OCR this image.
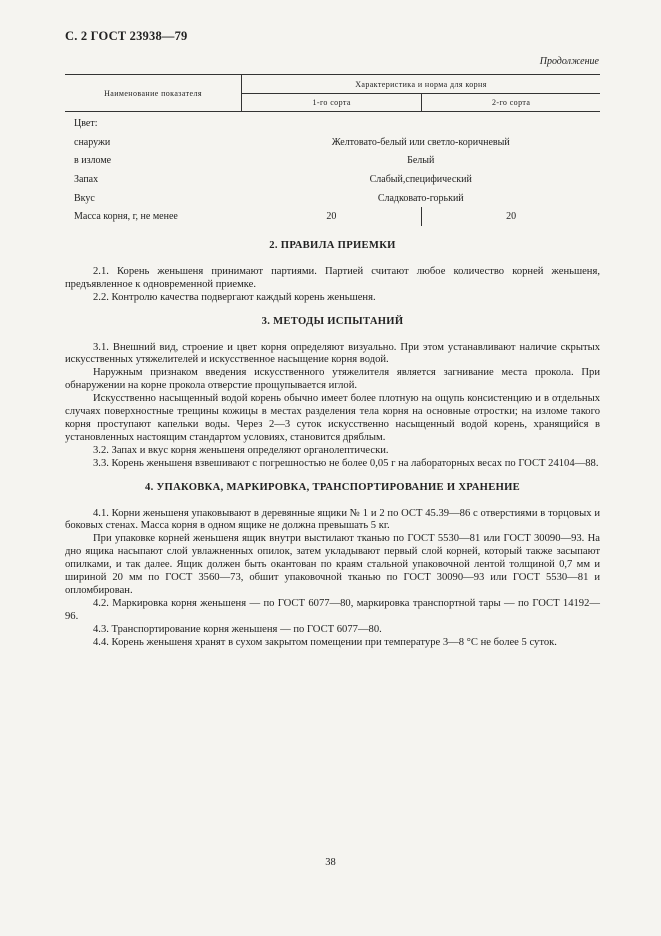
С. 2 ГОСТ 23938—79
Продолжение
Наименование показателя	Характеристика и норма для корня	
	1-го сорта	2-го сорта
Цвет:		
снаружи	Желтовато-белый или светло-коричневый	
в изломе	Белый	
Запах	Слабый,специфический	
Вкус	Сладковато-горький	
Масса корня, г, не менее	20	20
2. ПРАВИЛА ПРИЕМКИ

2.1. Корень женьшеня принимают партиями. Партией считают любое количество корней женьшеня, предъявленное к одновременной приемке.

2.2. Контролю качества подвергают каждый корень женьшеня.

3. МЕТОДЫ ИСПЫТАНИЙ

3.1. Внешний вид, строение и цвет корня определяют визуально. При этом устанавливают наличие скрытых искусственных утяжелителей и искусственное насыщение корня водой.

Наружным признаком введения искусственного утяжелителя является загнивание места прокола. При обнаружении на корне прокола отверстие прощупывается иглой.

Искусственно насыщенный водой корень обычно имеет более плотную на ощупь консистенцию и в отдельных случаях поверхностные трещины кожицы в местах разделения тела корня на основные отростки; на изломе такого корня проступают капельки воды. Через 2—3 суток искусственно насыщенный водой корень, хранящийся в установленных настоящим стандартом условиях, становится дряблым.

3.2. Запах и вкус корня женьшеня определяют органолептически.

3.3. Корень женьшеня взвешивают с погрешностью не более 0,05 г на лабораторных весах по ГОСТ 24104—88.

4. УПАКОВКА, МАРКИРОВКА, ТРАНСПОРТИРОВАНИЕ И ХРАНЕНИЕ

4.1. Корни женьшеня упаковывают в деревянные ящики № 1 и 2 по ОСТ 45.39—86 с отверстиями в торцовых и боковых стенах. Масса корня в одном ящике не должна превышать 5 кг.

При упаковке корней женьшеня ящик внутри выстилают тканью по ГОСТ 5530—81 или ГОСТ 30090—93. На дно ящика насыпают слой увлажненных опилок, затем укладывают первый слой корней, который также засыпают опилками, и так далее. Ящик должен быть окантован по краям стальной упаковочной лентой толщиной 0,7 мм и шириной 20 мм по ГОСТ 3560—73, обшит упаковочной тканью по ГОСТ 30090—93 или ГОСТ 5530—81 и опломбирован.

4.2. Маркировка корня женьшеня — по ГОСТ 6077—80, маркировка транспортной тары — по ГОСТ 14192—96.

4.3. Транспортирование корня женьшеня — по ГОСТ 6077—80.

4.4. Корень женьшеня хранят в сухом закрытом помещении при температуре 3—8 °С не более 5 суток.

38
